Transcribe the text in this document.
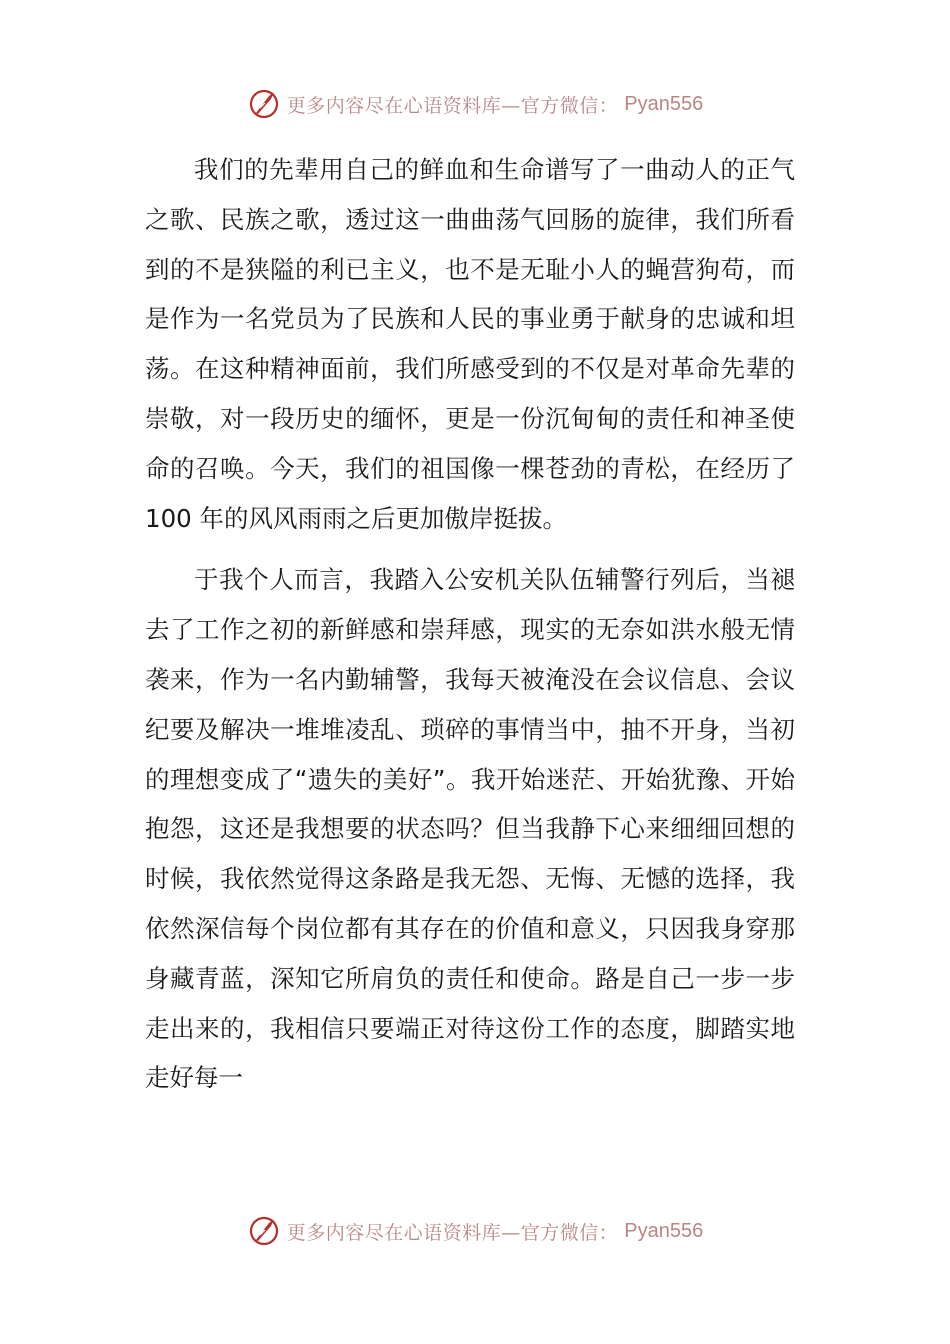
更多内容尽在心语资料库—官方微信： Pyan556

我们的先辈用自己的鲜血和生命谱写了一曲动人的正气之歌、民族之歌，透过这一曲曲荡气回肠的旋律，我们所看到的不是狭隘的利已主义，也不是无耻小人的蝇营狗苟，而是作为一名党员为了民族和人民的事业勇于献身的忠诚和坦荡。在这种精神面前，我们所感受到的不仅是对革命先辈的崇敬，对一段历史的缅怀，更是一份沉甸甸的责任和神圣使命的召唤。今天，我们的祖国像一棵苍劲的青松，在经历了 100 年的风风雨雨之后更加傲岸挺拔。

于我个人而言，我踏入公安机关队伍辅警行列后，当褪去了工作之初的新鲜感和崇拜感，现实的无奈如洪水般无情袭来，作为一名内勤辅警，我每天被淹没在会议信息、会议纪要及解决一堆堆凌乱、琐碎的事情当中，抽不开身，当初的理想变成了“遗失的美好”。我开始迷茫、开始犹豫、开始抱怨，这还是我想要的状态吗？但当我静下心来细细回想的时候，我依然觉得这条路是我无怨、无悔、无憾的选择，我依然深信每个岗位都有其存在的价值和意义，只因我身穿那身藏青蓝，深知它所肩负的责任和使命。路是自己一步一步走出来的，我相信只要端正对待这份工作的态度，脚踏实地走好每一

更多内容尽在心语资料库—官方微信： Pyan556
